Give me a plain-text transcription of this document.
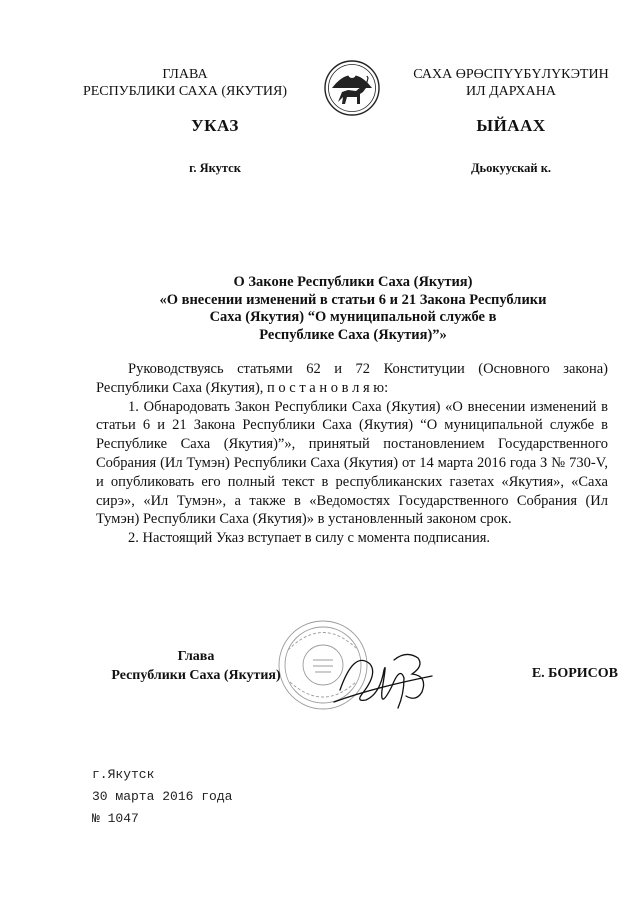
ГЛАВА
РЕСПУБЛИКИ САХА (ЯКУТИЯ)
САХА ӨРӨСПҮҮБҮЛҮКЭТИН
ИЛ ДАРХАНА
УКАЗ	ЫЙААХ
г. Якутск	Дьокуускай к.
О Законе Республики Саха (Якутия)
«О внесении изменений в статьи 6 и 21 Закона Республики
Саха (Якутия) “О муниципальной службе в
Республике Саха (Якутия)”»

Руководствуясь статьями 62 и 72 Конституции (Основного закона) Республики Саха (Якутия), п о с т а н о в л я ю:

1. Обнародовать Закон Республики Саха (Якутия) «О внесении изменений в статьи 6 и 21 Закона Республики Саха (Якутия) “О муниципальной службе в Республике Саха (Якутия)”», принятый постановлением Государственного Собрания (Ил Тумэн) Республики Саха (Якутия) от 14 марта 2016 года З № 730-V, и опубликовать его полный текст в республиканских газетах «Якутия», «Саха сирэ», «Ил Тумэн», а также в «Ведомостях Государственного Собрания (Ил Тумэн) Республики Саха (Якутия)» в установленный законом срок.

2. Настоящий Указ вступает в силу с момента подписания.

Глава
Республики Саха (Якутия)	Е. БОРИСОВ
г.Якутск
30 марта 2016 года
№ 1047
